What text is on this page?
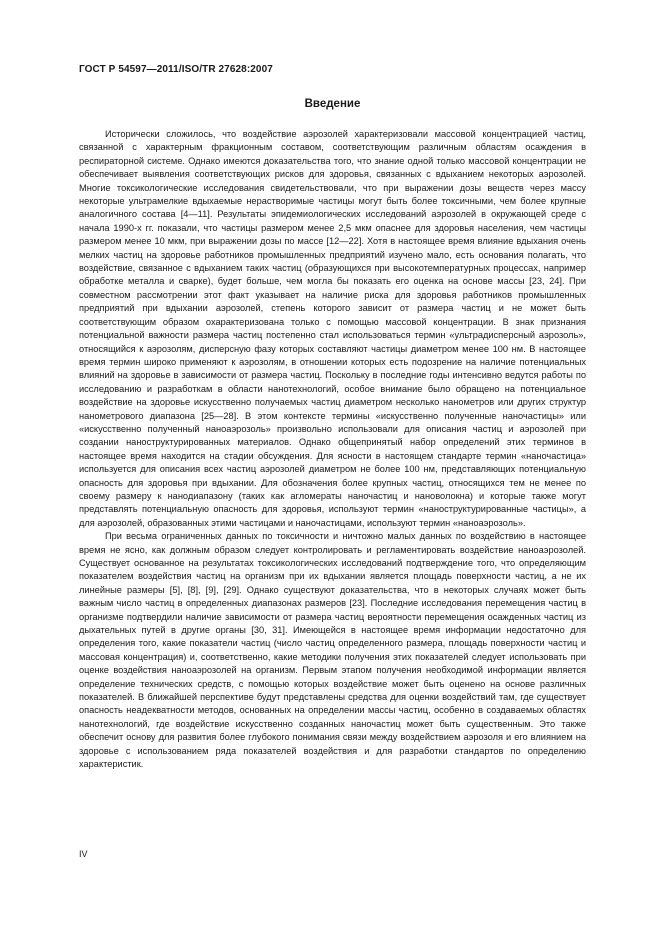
ГОСТ Р 54597—2011/ISO/TR 27628:2007
Введение

Исторически сложилось, что воздействие аэрозолей характеризовали массовой концентрацией частиц, связанной с характерным фракционным составом, соответствующим различным областям осаждения в респираторной системе. Однако имеются доказательства того, что знание одной только массовой концентрации не обеспечивает выявления соответствующих рисков для здоровья, связанных с вдыханием некоторых аэрозолей. Многие токсикологические исследования свидетельствовали, что при выражении дозы веществ через массу некоторые ультрамелкие вдыхаемые нерастворимые частицы могут быть более токсичными, чем более крупные аналогичного состава [4—11]. Результаты эпидемиологических исследований аэрозолей в окружающей среде с начала 1990-х гг. показали, что частицы размером менее 2,5 мкм опаснее для здоровья населения, чем частицы размером менее 10 мкм, при выражении дозы по массе [12—22]. Хотя в настоящее время влияние вдыхания очень мелких частиц на здоровье работников промышленных предприятий изучено мало, есть основания полагать, что воздействие, связанное с вдыханием таких частиц (образующихся при высокотемпературных процессах, например обработке металла и сварке), будет больше, чем могла бы показать его оценка на основе массы [23, 24]. При совместном рассмотрении этот факт указывает на наличие риска для здоровья работников промышленных предприятий при вдыхании аэрозолей, степень которого зависит от размера частиц и не может быть соответствующим образом охарактеризована только с помощью массовой концентрации. В знак признания потенциальной важности размера частиц постепенно стал использоваться термин «ультрадисперсный аэрозоль», относящийся к аэрозолям, дисперсную фазу которых составляют частицы диаметром менее 100 нм. В настоящее время термин широко применяют к аэрозолям, в отношении которых есть подозрение на наличие потенциальных влияний на здоровье в зависимости от размера частиц. Поскольку в последние годы интенсивно ведутся работы по исследованию и разработкам в области нанотехнологий, особое внимание было обращено на потенциальное воздействие на здоровье искусственно получаемых частиц диаметром несколько нанометров или других структур нанометрового диапазона [25—28]. В этом контексте термины «искусственно полученные наночастицы» или «искусственно полученный наноаэрозоль» произвольно использовали для описания частиц и аэрозолей при создании наноструктурированных материалов. Однако общепринятый набор определений этих терминов в настоящее время находится на стадии обсуждения. Для ясности в настоящем стандарте термин «наночастица» используется для описания всех частиц аэрозолей диаметром не более 100 нм, представляющих потенциальную опасность для здоровья при вдыхании. Для обозначения более крупных частиц, относящихся тем не менее по своему размеру к нанодиапазону (таких как агломераты наночастиц и нановолокна) и которые также могут представлять потенциальную опасность для здоровья, используют термин «наноструктурированные частицы», а для аэрозолей, образованных этими частицами и наночастицами, используют термин «наноаэрозоль».

При весьма ограниченных данных по токсичности и ничтожно малых данных по воздействию в настоящее время не ясно, как должным образом следует контролировать и регламентировать воздействие наноаэрозолей. Существует основанное на результатах токсикологических исследований подтверждение того, что определяющим показателем воздействия частиц на организм при их вдыхании является площадь поверхности частиц, а не их линейные размеры [5], [8], [9], [29]. Однако существуют доказательства, что в некоторых случаях может быть важным число частиц в определенных диапазонах размеров [23]. Последние исследования перемещения частиц в организме подтвердили наличие зависимости от размера частиц вероятности перемещения осажденных частиц из дыхательных путей в другие органы [30, 31]. Имеющейся в настоящее время информации недостаточно для определения того, какие показатели частиц (число частиц определенного размера, площадь поверхности частиц и массовая концентрация) и, соответственно, какие методики получения этих показателей следует использовать при оценке воздействия наноаэрозолей на организм. Первым этапом получения необходимой информации является определение технических средств, с помощью которых воздействие может быть оценено на основе различных показателей. В ближайшей перспективе будут представлены средства для оценки воздействий там, где существует опасность неадекватности методов, основанных на определении массы частиц, особенно в создаваемых областях нанотехнологий, где воздействие искусственно созданных наночастиц может быть существенным. Это также обеспечит основу для развития более глубокого понимания связи между воздействием аэрозоля и его влиянием на здоровье с использованием ряда показателей воздействия и для разработки стандартов по определению характеристик.

IV
